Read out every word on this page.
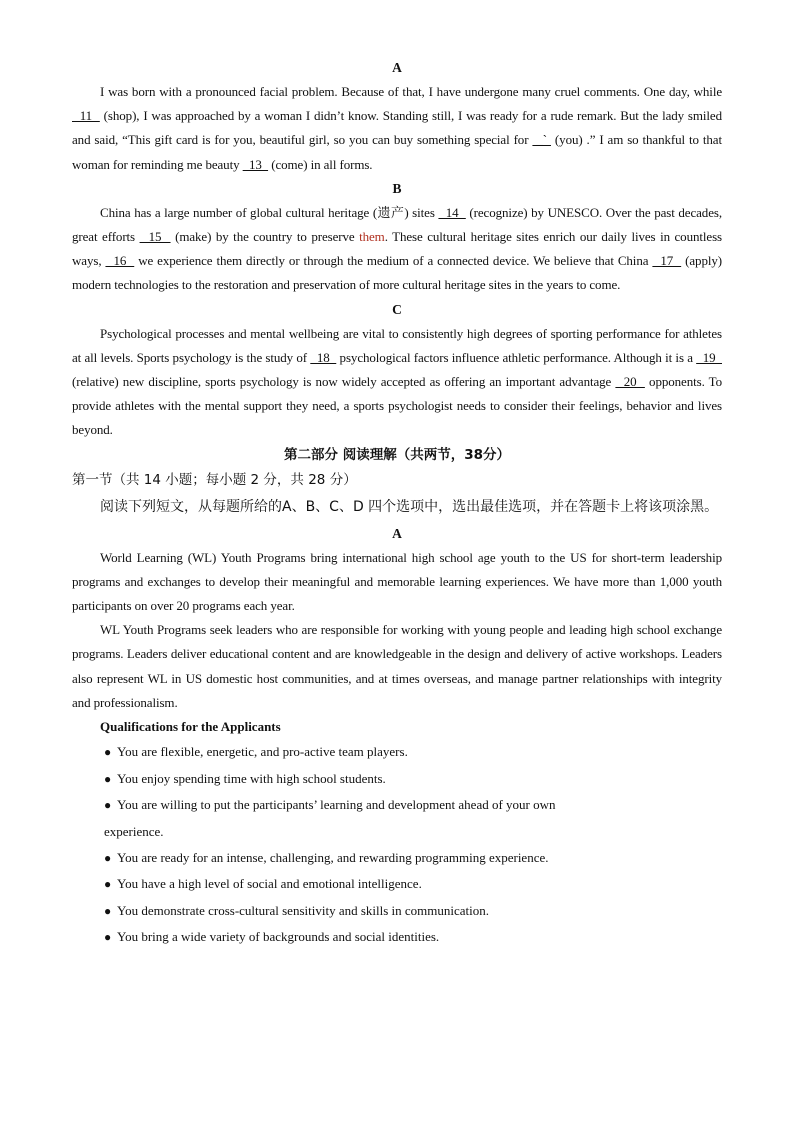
A

I was born with a pronounced facial problem. Because of that, I have undergone many cruel comments. One day, while   11   (shop), I was approached by a woman I didn’t know. Standing still, I was ready for a rude remark. But the lady smiled and said, “This gift card is for you, beautiful girl, so you can buy something special for  _`  (you) .” I am so thankful to that woman for reminding me beauty   13   (come) in all forms.

B

China has a large number of global cultural heritage (遗产) sites   14   (recognize) by UNESCO. Over the past decades, great efforts   15   (make) by the country to preserve them. These cultural heritage sites enrich our daily lives in countless ways,   16   we experience them directly or through the medium of a connected device. We believe that China   17   (apply) modern technologies to the restoration and preservation of more cultural heritage sites in the years to come.

C

Psychological processes and mental wellbeing are vital to consistently high degrees of sporting performance for athletes at all levels. Sports psychology is the study of   18   psychological factors influence athletic performance. Although it is a   19   (relative) new discipline, sports psychology is now widely accepted as offering an important advantage   20   opponents. To provide athletes with the mental support they need, a sports psychologist needs to consider their feelings, behavior and lives beyond.

第二部分 阅读理解（共两节，38分）

第一节（共 14 小题；每小题 2 分，共 28 分）

阅读下列短文，从每题所给的A、B、C、D 四个选项中，选出最佳选项，并在答题卡上将该项涂黑。

A

World Learning (WL) Youth Programs bring international high school age youth to the US for short-term leadership programs and exchanges to develop their meaningful and memorable learning experiences. We have more than 1,000 youth participants on over 20 programs each year.

WL Youth Programs seek leaders who are responsible for working with young people and leading high school exchange programs. Leaders deliver educational content and are knowledgeable in the design and delivery of active workshops. Leaders also represent WL in US domestic host communities, and at times overseas, and manage partner relationships with integrity and professionalism.

Qualifications for the Applicants

● You are flexible, energetic, and pro-active team players.
● You enjoy spending time with high school students.
● You are willing to put the participants’ learning and development ahead of your own
experience.
● You are ready for an intense, challenging, and rewarding programming experience.
● You have a high level of social and emotional intelligence.
● You demonstrate cross-cultural sensitivity and skills in communication.
● You bring a wide variety of backgrounds and social identities.
